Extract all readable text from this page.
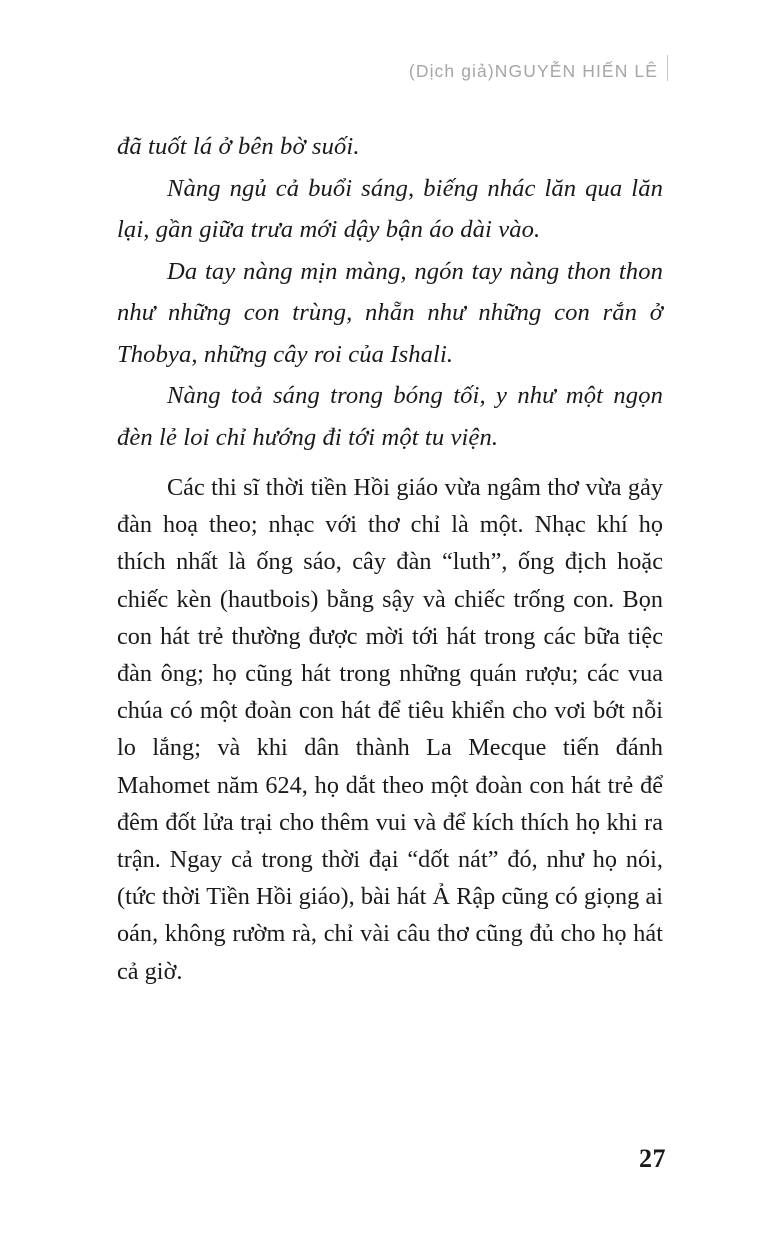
(Dịch giả)NGUYỄN HIẾN LÊ

đã tuốt lá ở bên bờ suối.

Nàng ngủ cả buổi sáng, biếng nhác lăn qua lăn lại, gần giữa trưa mới dậy bận áo dài vào.

Da tay nàng mịn màng, ngón tay nàng thon thon như những con trùng, nhẵn như những con rắn ở Thobya, những cây roi của Ishali.

Nàng toả sáng trong bóng tối, y như một ngọn đèn lẻ loi chỉ hướng đi tới một tu viện.

Các thi sĩ thời tiền Hồi giáo vừa ngâm thơ vừa gảy đàn hoạ theo; nhạc với thơ chỉ là một. Nhạc khí họ thích nhất là ống sáo, cây đàn “luth”, ống địch hoặc chiếc kèn (hautbois) bằng sậy và chiếc trống con. Bọn con hát trẻ thường được mời tới hát trong các bữa tiệc đàn ông; họ cũng hát trong những quán rượu; các vua chúa có một đoàn con hát để tiêu khiển cho vơi bớt nỗi lo lắng; và khi dân thành La Mecque tiến đánh Mahomet năm 624, họ dắt theo một đoàn con hát trẻ để đêm đốt lửa trại cho thêm vui và để kích thích họ khi ra trận. Ngay cả trong thời đại “dốt nát” đó, như họ nói, (tức thời Tiền Hồi giáo), bài hát Ả Rập cũng có giọng ai oán, không rườm rà, chỉ vài câu thơ cũng đủ cho họ hát cả giờ.

27
